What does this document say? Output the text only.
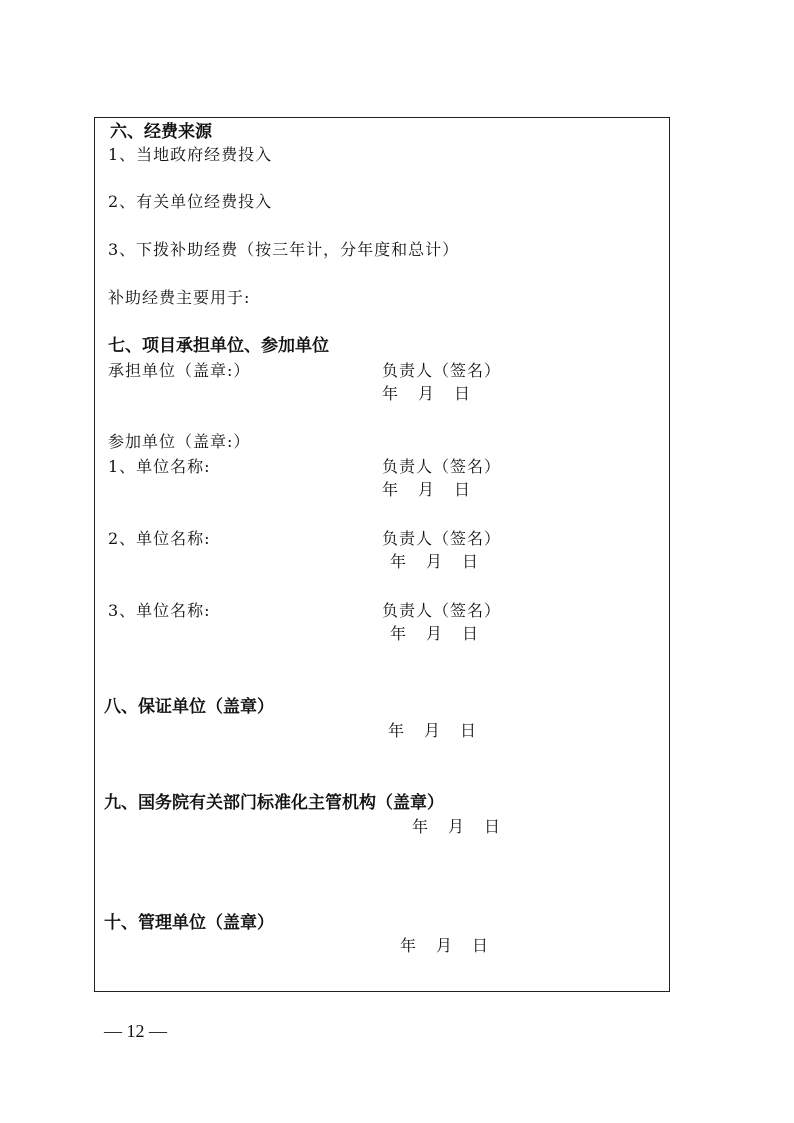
六、经费来源
1、当地政府经费投入
2、有关单位经费投入
3、下拨补助经费（按三年计，分年度和总计）
补助经费主要用于:
七、项目承担单位、参加单位
承担单位（盖章:）	负责人（签名）
年 月 日
参加单位（盖章:）
1、单位名称:	负责人（签名）
年 月 日
2、单位名称:	负责人（签名）
年 月 日
3、单位名称:	负责人（签名）
年 月 日
八、保证单位（盖章）
年 月 日
九、国务院有关部门标准化主管机构（盖章）
年 月 日
十、管理单位（盖章）
年 月 日
— 12 —
